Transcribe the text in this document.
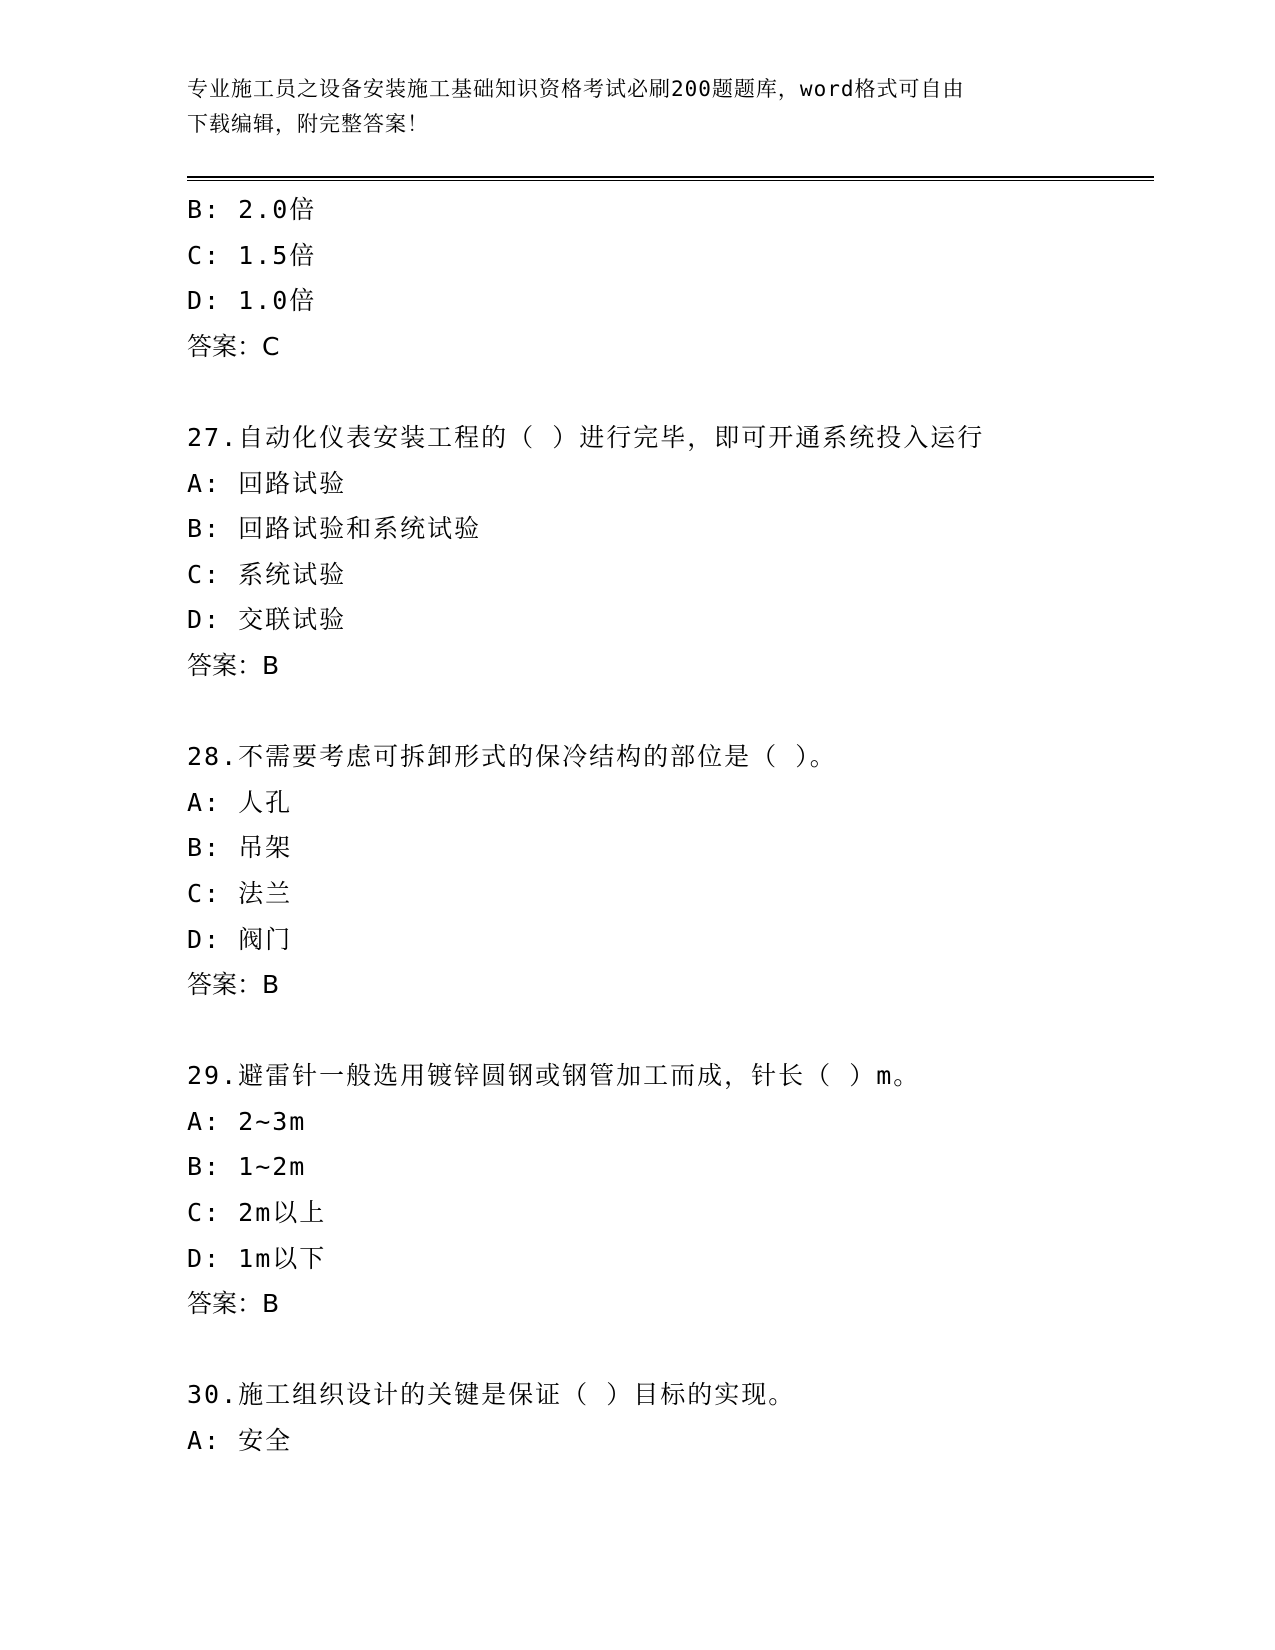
专业施工员之设备安装施工基础知识资格考试必刷200题题库，word格式可自由
下载编辑，附完整答案！
B: 2.0倍
C: 1.5倍
D: 1.0倍
答案：C
27.自动化仪表安装工程的（ ）进行完毕，即可开通系统投入运行
A: 回路试验
B: 回路试验和系统试验
C: 系统试验
D: 交联试验
答案：B
28.不需要考虑可拆卸形式的保冷结构的部位是（ ）。
A: 人孔
B: 吊架
C: 法兰
D: 阀门
答案：B
29.避雷针一般选用镀锌圆钢或钢管加工而成，针长（ ）m。
A: 2~3m
B: 1~2m
C: 2m以上
D: 1m以下
答案：B
30.施工组织设计的关键是保证（ ）目标的实现。
A: 安全
